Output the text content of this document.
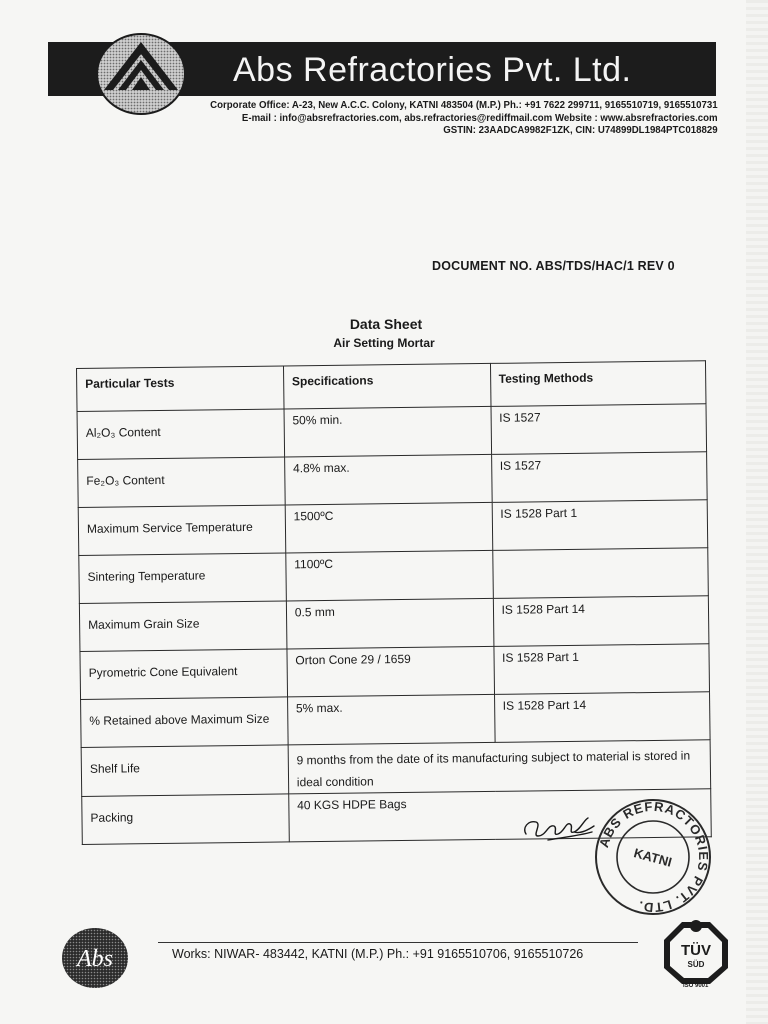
Abs Refractories Pvt. Ltd.
Corporate Office: A-23, New A.C.C. Colony, KATNI 483504 (M.P.) Ph.: +91 7622 299711, 9165510719, 9165510731
E-mail : info@absrefractories.com, abs.refractories@rediffmail.com Website : www.absrefractories.com
GSTIN: 23AADCA9982F1ZK, CIN: U74899DL1984PTC018829
DOCUMENT NO. ABS/TDS/HAC/1 REV 0
Data Sheet
Air Setting Mortar
Particular Tests	Specifications	Testing Methods
Al₂O₃ Content	50% min.	IS 1527
Fe₂O₃ Content	4.8% max.	IS 1527
Maximum Service Temperature	1500ºC	IS 1528 Part 1
Sintering Temperature	1100ºC	
Maximum Grain Size	0.5 mm	IS 1528 Part 14
Pyrometric Cone Equivalent	Orton Cone 29 / 1659	IS 1528 Part 1
% Retained above Maximum Size	5% max.	IS 1528 Part 14
Shelf Life	9 months from the date of its manufacturing subject to material is stored in ideal condition	
Packing	40 KGS HDPE Bags	
ABS REFRACTORIES PVT. LTD.
KATNI
Abs	Works: NIWAR- 483442, KATNI (M.P.) Ph.: +91 9165510706, 9165510726	TÜV
SÜD
ISO 9001
